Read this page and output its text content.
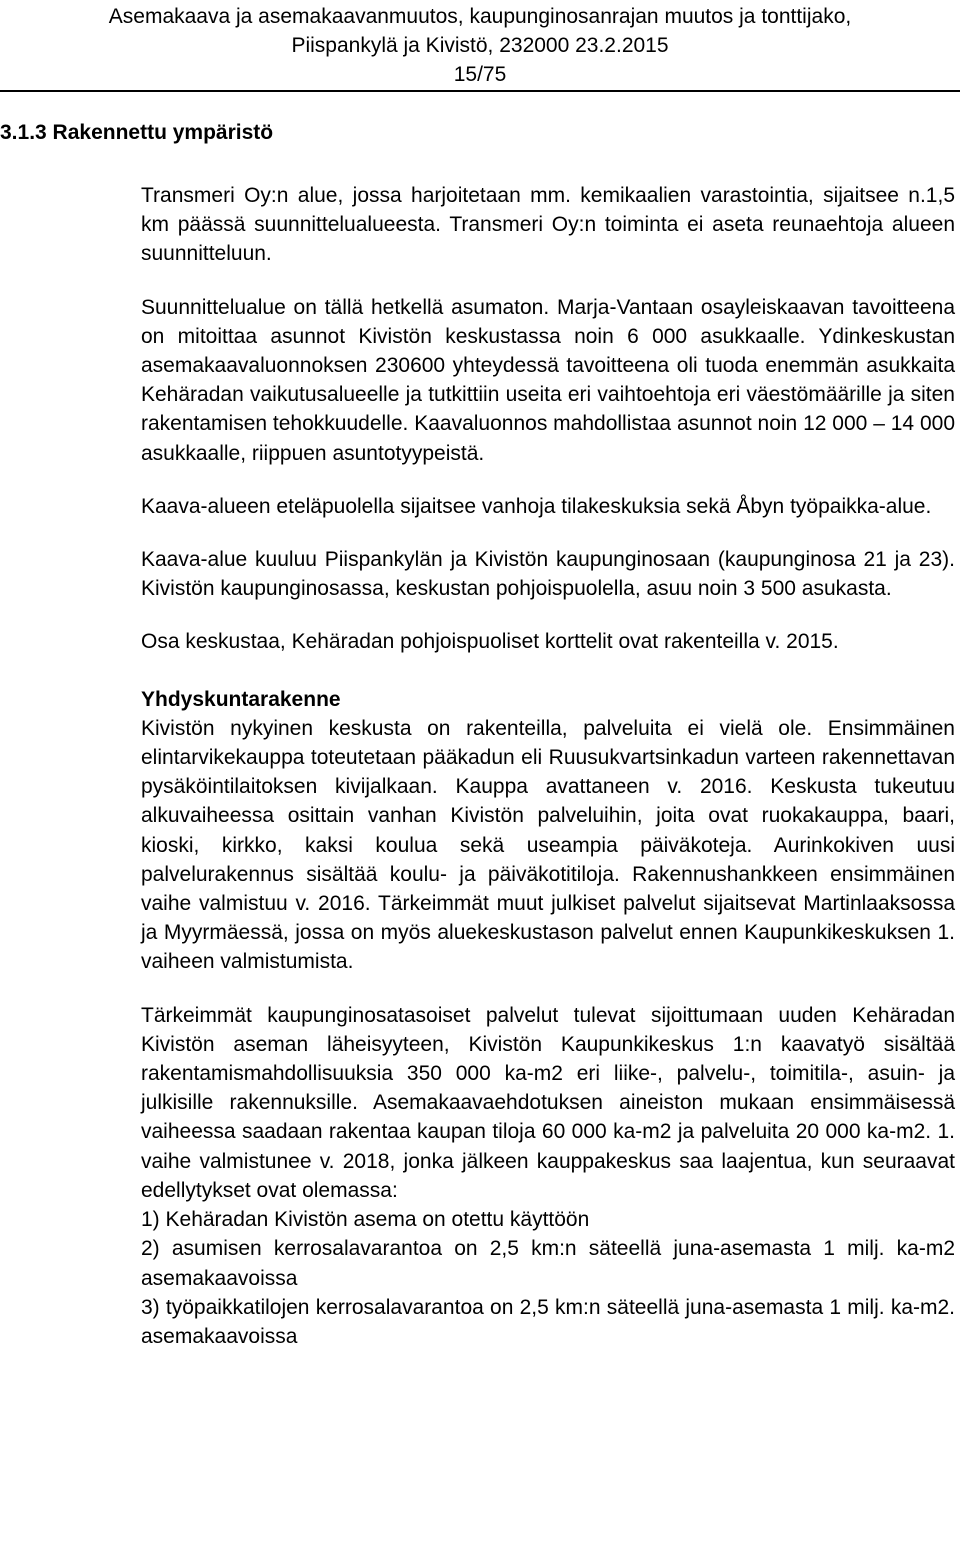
Asemakaava ja asemakaavanmuutos, kaupunginosanrajan muutos ja tonttijako,
Piispankylä ja Kivistö, 232000 23.2.2015
15/75
3.1.3 Rakennettu ympäristö

Transmeri Oy:n alue, jossa harjoitetaan mm. kemikaalien varastointia, sijaitsee n.1,5 km päässä suunnittelualueesta. Transmeri Oy:n toiminta ei aseta reunaehtoja alueen suunnitteluun.

Suunnittelualue on tällä hetkellä asumaton. Marja-Vantaan osayleiskaavan tavoitteena on mitoittaa asunnot Kivistön keskustassa noin 6 000 asukkaalle. Ydinkeskustan asemakaavaluonnoksen 230600 yhteydessä tavoitteena oli tuoda enemmän asukkaita Kehäradan vaikutusalueelle ja tutkittiin useita eri vaihtoehtoja eri väestömäärille ja siten rakentamisen tehokkuudelle. Kaavaluonnos mahdollistaa asunnot noin 12 000 – 14 000 asukkaalle, riippuen asuntotyypeistä.

Kaava-alueen eteläpuolella sijaitsee vanhoja tilakeskuksia sekä Åbyn työpaikka-alue.

Kaava-alue kuuluu Piispankylän ja Kivistön kaupunginosaan (kaupunginosa 21 ja 23). Kivistön kaupunginosassa, keskustan pohjoispuolella, asuu noin 3 500 asukasta.

Osa keskustaa, Kehäradan pohjoispuoliset korttelit ovat rakenteilla v. 2015.

Yhdyskuntarakenne

Kivistön nykyinen keskusta on rakenteilla, palveluita ei vielä ole. Ensimmäinen elintarvikekauppa toteutetaan pääkadun eli Ruusukvartsinkadun varteen rakennettavan pysäköintilaitoksen kivijalkaan. Kauppa avattaneen v. 2016. Keskusta tukeutuu alkuvaiheessa osittain vanhan Kivistön palveluihin, joita ovat ruokakauppa, baari, kioski, kirkko, kaksi koulua sekä useampia päiväkoteja. Aurinkokiven uusi palvelurakennus sisältää koulu- ja päiväkotitiloja. Rakennushankkeen ensimmäinen vaihe valmistuu v. 2016. Tärkeimmät muut julkiset palvelut sijaitsevat Martinlaaksossa ja Myyrmäessä, jossa on myös aluekeskustason palvelut ennen Kaupunkikeskuksen 1. vaiheen valmistumista.

Tärkeimmät kaupunginosatasoiset palvelut tulevat sijoittumaan uuden Kehäradan Kivistön aseman läheisyyteen, Kivistön Kaupunkikeskus 1:n kaavatyö sisältää rakentamismahdollisuuksia 350 000 ka-m2 eri liike-, palvelu-, toimitila-, asuin- ja julkisille rakennuksille. Asemakaavaehdotuksen aineiston mukaan ensimmäisessä vaiheessa saadaan rakentaa kaupan tiloja 60 000 ka-m2 ja palveluita 20 000 ka-m2. 1. vaihe valmistunee v. 2018, jonka jälkeen kauppakeskus saa laajentua, kun seuraavat edellytykset ovat olemassa:

1) Kehäradan Kivistön asema on otettu käyttöön

2) asumisen kerrosalavarantoa on 2,5 km:n säteellä juna-asemasta 1 milj. ka-m2 asemakaavoissa

3) työpaikkatilojen kerrosalavarantoa on 2,5 km:n säteellä juna-asemasta 1 milj. ka-m2. asemakaavoissa
